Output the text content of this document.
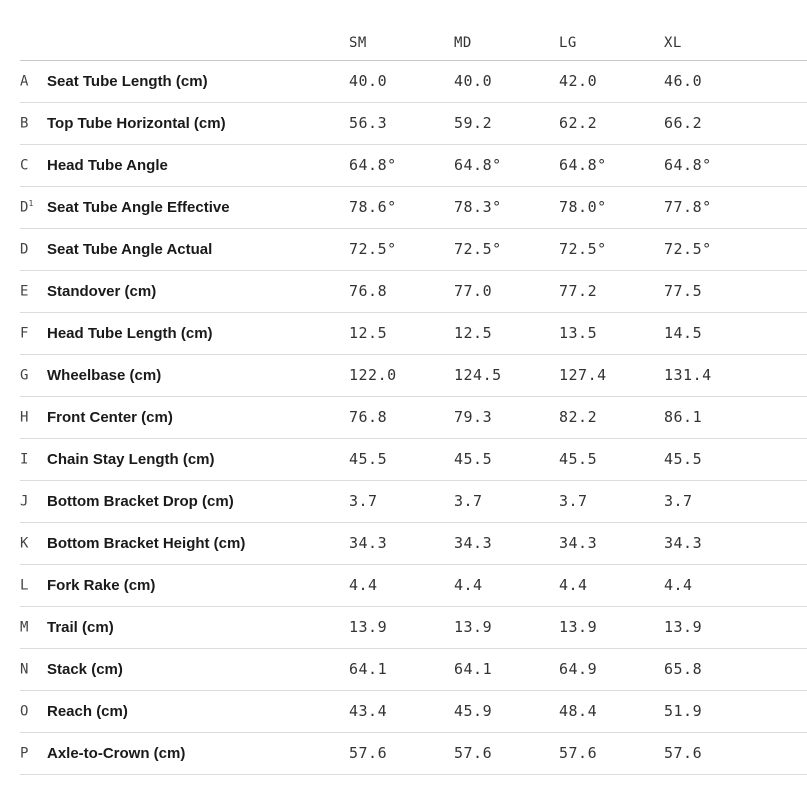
		SM	MD	LG	XL
A	Seat Tube Length (cm)	40.0	40.0	42.0	46.0
B	Top Tube Horizontal (cm)	56.3	59.2	62.2	66.2
C	Head Tube Angle	64.8°	64.8°	64.8°	64.8°
$D^1$	Seat Tube Angle Effective	78.6°	78.3°	78.0°	77.8°
D	Seat Tube Angle Actual	72.5°	72.5°	72.5°	72.5°
E	Standover (cm)	76.8	77.0	77.2	77.5
F	Head Tube Length (cm)	12.5	12.5	13.5	14.5
G	Wheelbase (cm)	122.0	124.5	127.4	131.4
H	Front Center (cm)	76.8	79.3	82.2	86.1
I	Chain Stay Length (cm)	45.5	45.5	45.5	45.5
J	Bottom Bracket Drop (cm)	3.7	3.7	3.7	3.7
K	Bottom Bracket Height (cm)	34.3	34.3	34.3	34.3
L	Fork Rake (cm)	4.4	4.4	4.4	4.4
M	Trail (cm)	13.9	13.9	13.9	13.9
N	Stack (cm)	64.1	64.1	64.9	65.8
O	Reach (cm)	43.4	45.9	48.4	51.9
P	Axle-to-Crown (cm)	57.6	57.6	57.6	57.6
